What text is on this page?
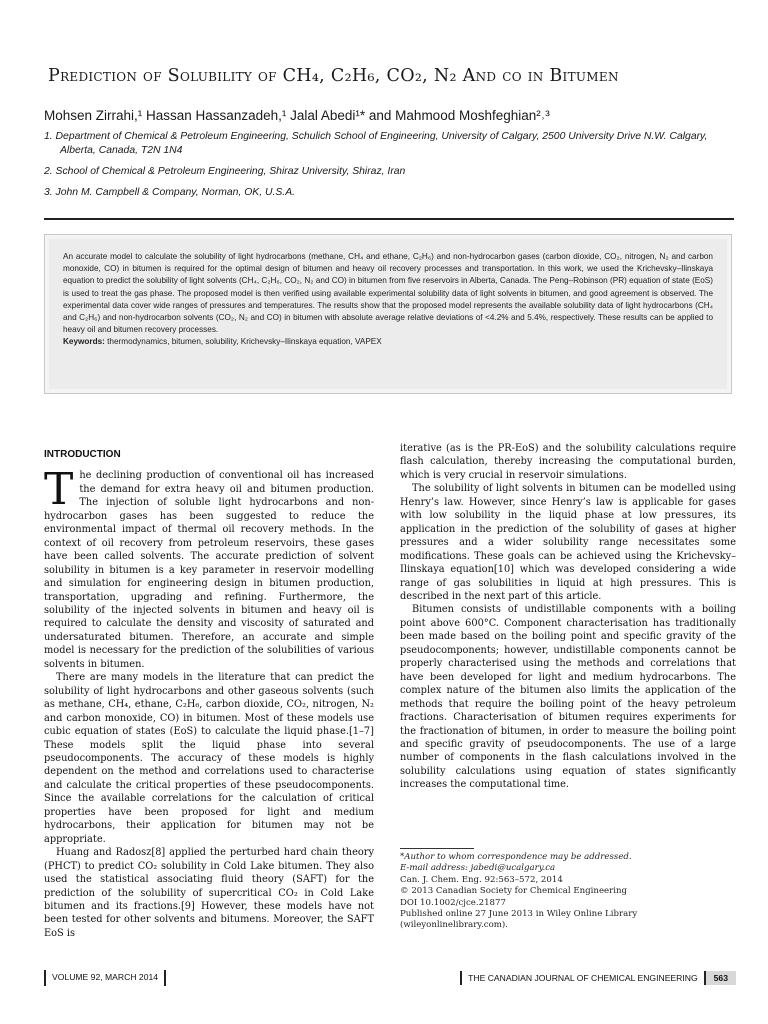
Prediction of Solubility of CH₄, C₂H₆, CO₂, N₂ And co in Bitumen
Mohsen Zirrahi,¹ Hassan Hassanzadeh,¹ Jalal Abedi¹* and Mahmood Moshfeghian²˒³
1. Department of Chemical & Petroleum Engineering, Schulich School of Engineering, University of Calgary, 2500 University Drive N.W. Calgary, Alberta, Canada, T2N 1N4
2. School of Chemical & Petroleum Engineering, Shiraz University, Shiraz, Iran
3. John M. Campbell & Company, Norman, OK, U.S.A.

An accurate model to calculate the solubility of light hydrocarbons (methane, CH₄ and ethane, C₂H₆) and non-hydrocarbon gases (carbon dioxide, CO₂, nitrogen, N₂ and carbon monoxide, CO) in bitumen is required for the optimal design of bitumen and heavy oil recovery processes and transportation. In this work, we used the Krichevsky–Ilinskaya equation to predict the solubility of light solvents (CH₄, C₂H₆, CO₂, N₂ and CO) in bitumen from five reservoirs in Alberta, Canada. The Peng–Robinson (PR) equation of state (EoS) is used to treat the gas phase. The proposed model is then verified using available experimental solubility data of light solvents in bitumen, and good agreement is observed. The experimental data cover wide ranges of pressures and temperatures. The results show that the proposed model represents the available solubility data of light hydrocarbons (CH₄ and C₂H₆) and non-hydrocarbon solvents (CO₂, N₂ and CO) in bitumen with absolute average relative deviations of <4.2% and 5.4%, respectively. These results can be applied to heavy oil and bitumen recovery processes.

Keywords: thermodynamics, bitumen, solubility, Krichevsky–Ilinskaya equation, VAPEX

INTRODUCTION

The declining production of conventional oil has increased the demand for extra heavy oil and bitumen production. The injection of soluble light hydrocarbons and non-hydrocarbon gases has been suggested to reduce the environmental impact of thermal oil recovery methods. In the context of oil recovery from petroleum reservoirs, these gases have been called solvents. The accurate prediction of solvent solubility in bitumen is a key parameter in reservoir modelling and simulation for engineering design in bitumen production, transportation, upgrading and refining. Furthermore, the solubility of the injected solvents in bitumen and heavy oil is required to calculate the density and viscosity of saturated and undersaturated bitumen. Therefore, an accurate and simple model is necessary for the prediction of the solubilities of various solvents in bitumen.

There are many models in the literature that can predict the solubility of light hydrocarbons and other gaseous solvents (such as methane, CH₄, ethane, C₂H₆, carbon dioxide, CO₂, nitrogen, N₂ and carbon monoxide, CO) in bitumen. Most of these models use cubic equation of states (EoS) to calculate the liquid phase.[1–7] These models split the liquid phase into several pseudocomponents. The accuracy of these models is highly dependent on the method and correlations used to characterise and calculate the critical properties of these pseudocomponents. Since the available correlations for the calculation of critical properties have been proposed for light and medium hydrocarbons, their application for bitumen may not be appropriate.

Huang and Radosz[8] applied the perturbed hard chain theory (PHCT) to predict CO₂ solubility in Cold Lake bitumen. They also used the statistical associating fluid theory (SAFT) for the prediction of the solubility of supercritical CO₂ in Cold Lake bitumen and its fractions.[9] However, these models have not been tested for other solvents and bitumens. Moreover, the SAFT EoS is

iterative (as is the PR-EoS) and the solubility calculations require flash calculation, thereby increasing the computational burden, which is very crucial in reservoir simulations.

The solubility of light solvents in bitumen can be modelled using Henry’s law. However, since Henry’s law is applicable for gases with low solubility in the liquid phase at low pressures, its application in the prediction of the solubility of gases at higher pressures and a wider solubility range necessitates some modifications. These goals can be achieved using the Krichevsky–Ilinskaya equation[10] which was developed considering a wide range of gas solubilities in liquid at high pressures. This is described in the next part of this article.

Bitumen consists of undistillable components with a boiling point above 600°C. Component characterisation has traditionally been made based on the boiling point and specific gravity of the pseudocomponents; however, undistillable components cannot be properly characterised using the methods and correlations that have been developed for light and medium hydrocarbons. The complex nature of the bitumen also limits the application of the methods that require the boiling point of the heavy petroleum fractions. Characterisation of bitumen requires experiments for the fractionation of bitumen, in order to measure the boiling point and specific gravity of pseudocomponents. The use of a large number of components in the flash calculations involved in the solubility calculations using equation of states significantly increases the computational time.

*Author to whom correspondence may be addressed.
E-mail address: jabedi@ucalgary.ca
Can. J. Chem. Eng. 92:563–572, 2014
© 2013 Canadian Society for Chemical Engineering
DOI 10.1002/cjce.21877
Published online 27 June 2013 in Wiley Online Library (wileyonlinelibrary.com).
VOLUME 92, MARCH 2014	THE CANADIAN JOURNAL OF CHEMICAL ENGINEERING	563
